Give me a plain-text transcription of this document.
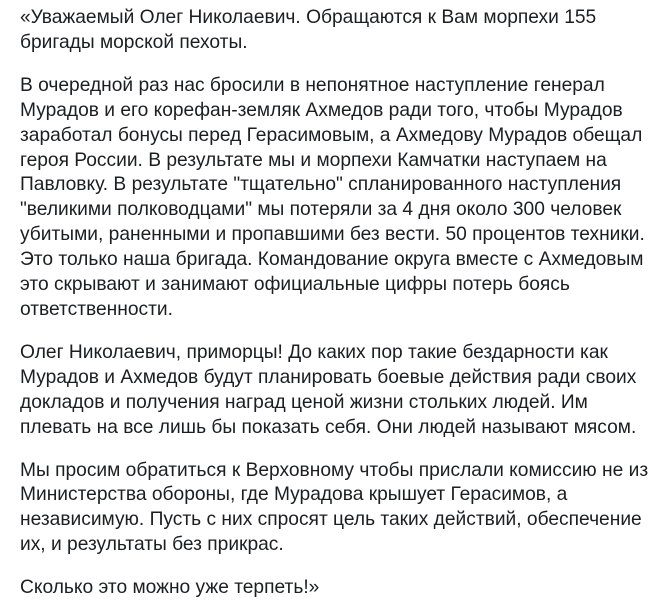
«Уважаемый Олег Николаевич. Обращаются к Вам морпехи 155 бригады морской пехоты.

В очередной раз нас бросили в непонятное наступление генерал Мурадов и его корефан-земляк Ахмедов ради того, чтобы Мурадов заработал бонусы перед Герасимовым, а Ахмедову Мурадов обещал героя России. В результате мы и морпехи Камчатки наступаем на Павловку. В результате "тщательно" спланированного наступления "великими полководцами" мы потеряли за 4 дня около 300 человек убитыми, раненными и пропавшими без вести. 50 процентов техники. Это только наша бригада. Командование округа вместе с Ахмедовым это скрывают и занимают официальные цифры потерь боясь ответственности.

Олег Николаевич, приморцы! До каких пор такие бездарности как Мурадов и Ахмедов будут планировать боевые действия ради своих докладов и получения наград ценой жизни стольких людей. Им плевать на все лишь бы показать себя. Они людей называют мясом.

Мы просим обратиться к Верховному чтобы прислали комиссию не из Министерства обороны, где Мурадова крышует Герасимов, а независимую. Пусть с них спросят цель таких действий, обеспечение их, и результаты без прикрас.

Сколько это можно уже терпеть!»
